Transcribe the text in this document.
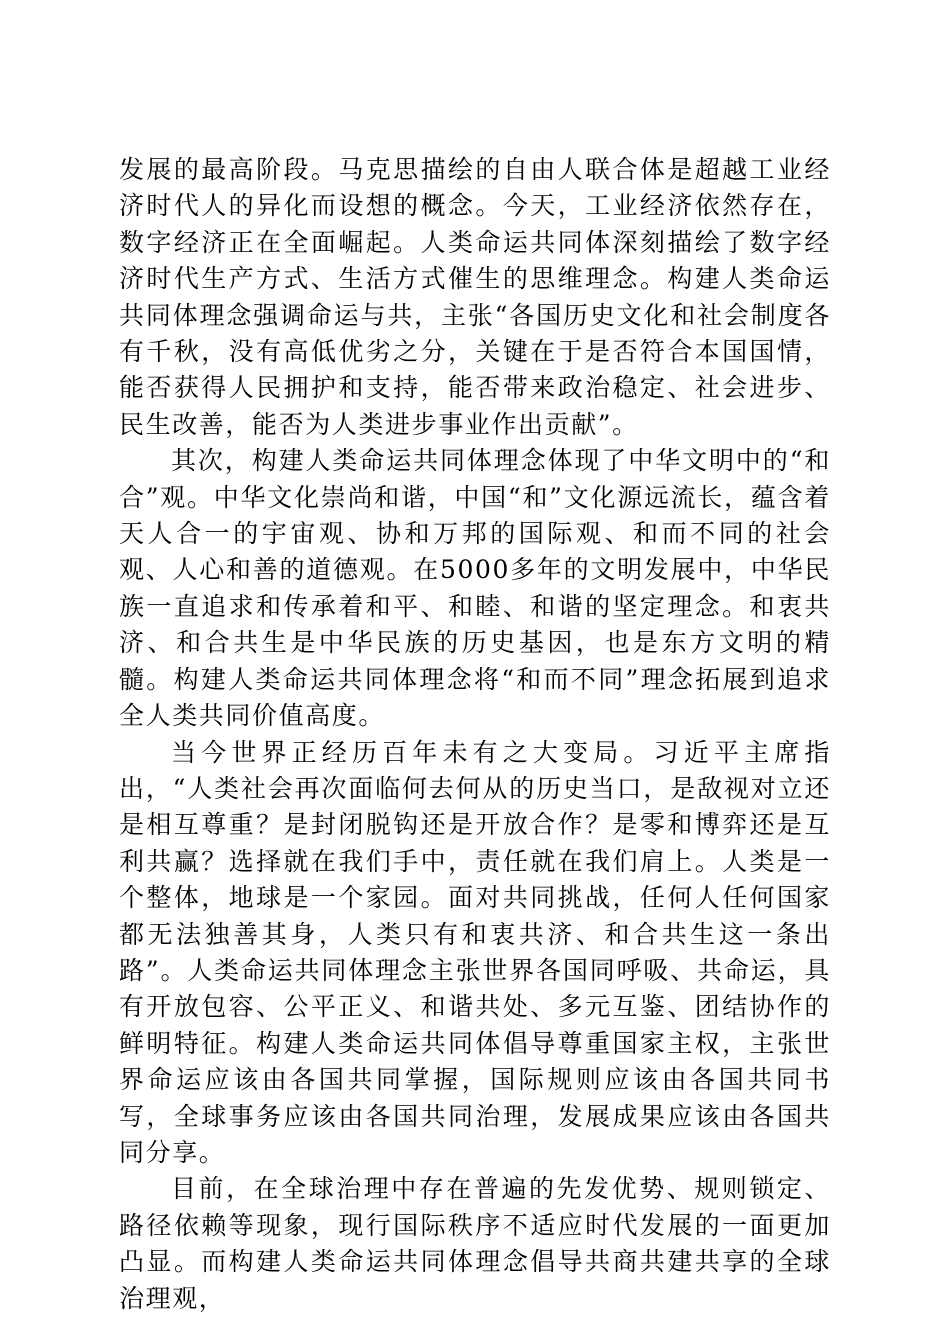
发展的最高阶段。马克思描绘的自由人联合体是超越工业经济时代人的异化而设想的概念。今天，工业经济依然存在，数字经济正在全面崛起。人类命运共同体深刻描绘了数字经济时代生产方式、生活方式催生的思维理念。构建人类命运共同体理念强调命运与共，主张“各国历史文化和社会制度各有千秋，没有高低优劣之分，关键在于是否符合本国国情，能否获得人民拥护和支持，能否带来政治稳定、社会进步、民生改善，能否为人类进步事业作出贡献”。

其次，构建人类命运共同体理念体现了中华文明中的“和合”观。中华文化崇尚和谐，中国“和”文化源远流长，蕴含着天人合一的宇宙观、协和万邦的国际观、和而不同的社会观、人心和善的道德观。在5000多年的文明发展中，中华民族一直追求和传承着和平、和睦、和谐的坚定理念。和衷共济、和合共生是中华民族的历史基因，也是东方文明的精髓。构建人类命运共同体理念将“和而不同”理念拓展到追求全人类共同价值高度。

当今世界正经历百年未有之大变局。习近平主席指出，“人类社会再次面临何去何从的历史当口，是敌视对立还是相互尊重？是封闭脱钩还是开放合作？是零和博弈还是互利共赢？选择就在我们手中，责任就在我们肩上。人类是一个整体，地球是一个家园。面对共同挑战，任何人任何国家都无法独善其身，人类只有和衷共济、和合共生这一条出路”。人类命运共同体理念主张世界各国同呼吸、共命运，具有开放包容、公平正义、和谐共处、多元互鉴、团结协作的鲜明特征。构建人类命运共同体倡导尊重国家主权，主张世界命运应该由各国共同掌握，国际规则应该由各国共同书写，全球事务应该由各国共同治理，发展成果应该由各国共同分享。

目前，在全球治理中存在普遍的先发优势、规则锁定、路径依赖等现象，现行国际秩序不适应时代发展的一面更加凸显。而构建人类命运共同体理念倡导共商共建共享的全球治理观，
